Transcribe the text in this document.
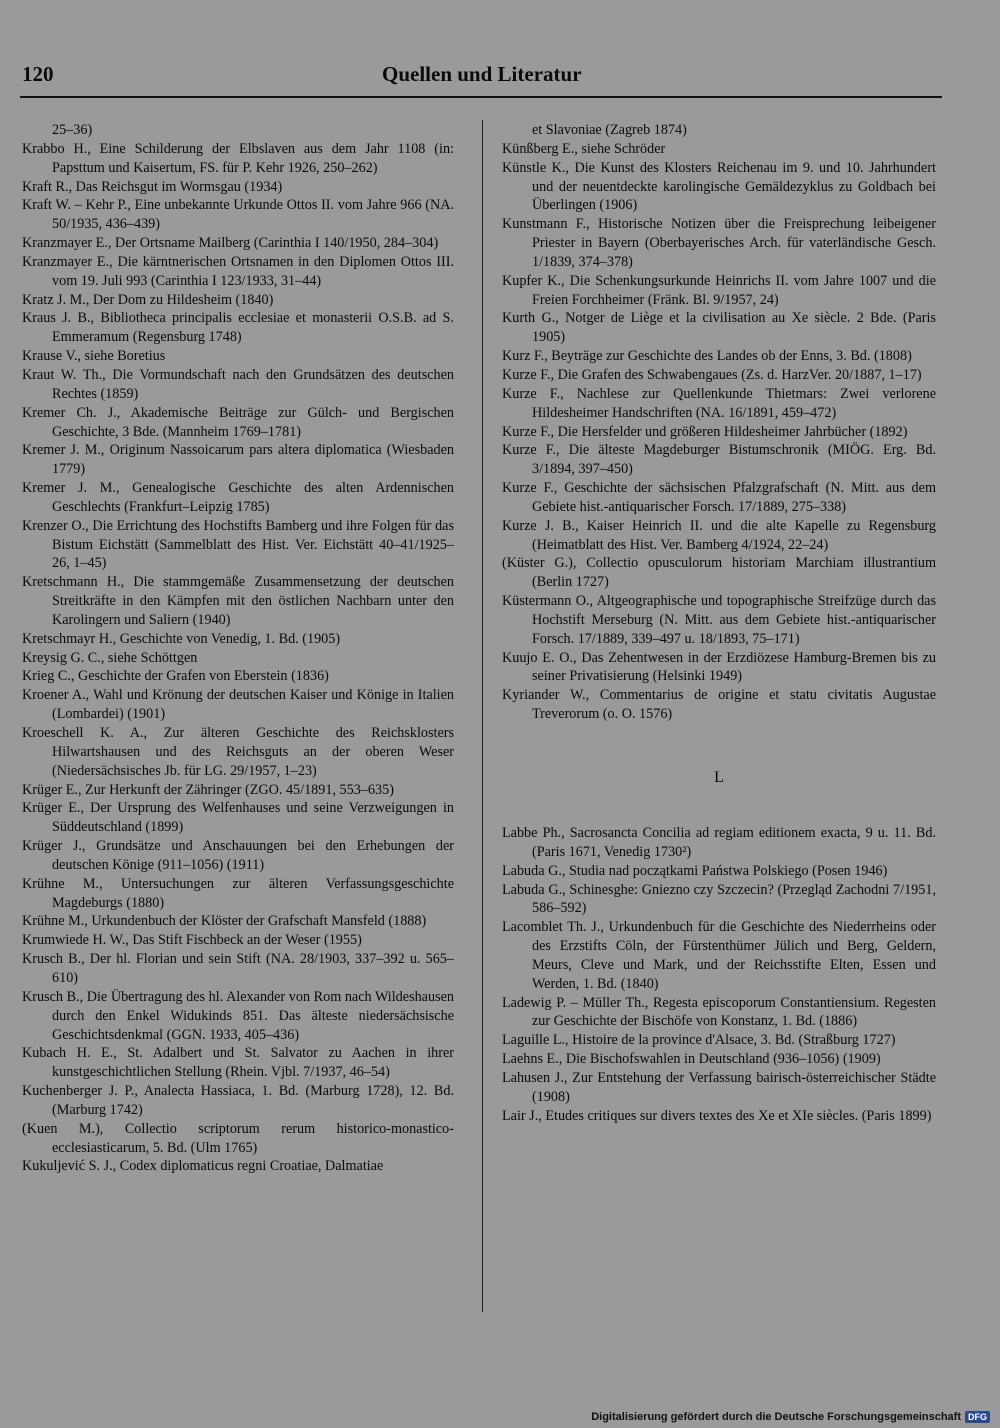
120	Quellen und Literatur
25–36)
Krabbo H., Eine Schilderung der Elbslaven aus dem Jahr 1108 (in: Papsttum und Kaisertum, FS. für P. Kehr 1926, 250–262)
Kraft R., Das Reichsgut im Wormsgau (1934)
Kraft W. – Kehr P., Eine unbekannte Urkunde Ottos II. vom Jahre 966 (NA. 50/1935, 436–439)
Kranzmayer E., Der Ortsname Mailberg (Carinthia I 140/1950, 284–304)
Kranzmayer E., Die kärntnerischen Ortsnamen in den Diplomen Ottos III. vom 19. Juli 993 (Carinthia I 123/1933, 31–44)
Kratz J. M., Der Dom zu Hildesheim (1840)
Kraus J. B., Bibliotheca principalis ecclesiae et monasterii O.S.B. ad S. Emmeramum (Regensburg 1748)
Krause V., siehe Boretius
Kraut W. Th., Die Vormundschaft nach den Grundsätzen des deutschen Rechtes (1859)
Kremer Ch. J., Akademische Beiträge zur Gülch- und Bergischen Geschichte, 3 Bde. (Mannheim 1769–1781)
Kremer J. M., Originum Nassoicarum pars altera diplomatica (Wiesbaden 1779)
Kremer J. M., Genealogische Geschichte des alten Ardennischen Geschlechts (Frankfurt–Leipzig 1785)
Krenzer O., Die Errichtung des Hochstifts Bamberg und ihre Folgen für das Bistum Eichstätt (Sammelblatt des Hist. Ver. Eichstätt 40–41/1925–26, 1–45)
Kretschmann H., Die stammgemäße Zusammensetzung der deutschen Streitkräfte in den Kämpfen mit den östlichen Nachbarn unter den Karolingern und Saliern (1940)
Kretschmayr H., Geschichte von Venedig, 1. Bd. (1905)
Kreysig G. C., siehe Schöttgen
Krieg C., Geschichte der Grafen von Eberstein (1836)
Kroener A., Wahl und Krönung der deutschen Kaiser und Könige in Italien (Lombardei) (1901)
Kroeschell K. A., Zur älteren Geschichte des Reichsklosters Hilwartshausen und des Reichsguts an der oberen Weser (Niedersächsisches Jb. für LG. 29/1957, 1–23)
Krüger E., Zur Herkunft der Zähringer (ZGO. 45/1891, 553–635)
Krüger E., Der Ursprung des Welfenhauses und seine Verzweigungen in Süddeutschland (1899)
Krüger J., Grundsätze und Anschauungen bei den Erhebungen der deutschen Könige (911–1056) (1911)
Krühne M., Untersuchungen zur älteren Verfassungsgeschichte Magdeburgs (1880)
Krühne M., Urkundenbuch der Klöster der Grafschaft Mansfeld (1888)
Krumwiede H. W., Das Stift Fischbeck an der Weser (1955)
Krusch B., Der hl. Florian und sein Stift (NA. 28/1903, 337–392 u. 565–610)
Krusch B., Die Übertragung des hl. Alexander von Rom nach Wildeshausen durch den Enkel Widukinds 851. Das älteste niedersächsische Geschichtsdenkmal (GGN. 1933, 405–436)
Kubach H. E., St. Adalbert und St. Salvator zu Aachen in ihrer kunstgeschichtlichen Stellung (Rhein. Vjbl. 7/1937, 46–54)
Kuchenberger J. P., Analecta Hassiaca, 1. Bd. (Marburg 1728), 12. Bd. (Marburg 1742)
(Kuen M.), Collectio scriptorum rerum historico-monastico-ecclesiasticarum, 5. Bd. (Ulm 1765)
Kukuljević S. J., Codex diplomaticus regni Croatiae, Dalmatiae
et Slavoniae (Zagreb 1874)
Künßberg E., siehe Schröder
Künstle K., Die Kunst des Klosters Reichenau im 9. und 10. Jahrhundert und der neuentdeckte karolingische Gemäldezyklus zu Goldbach bei Überlingen (1906)
Kunstmann F., Historische Notizen über die Freisprechung leibeigener Priester in Bayern (Oberbayerisches Arch. für vaterländische Gesch. 1/1839, 374–378)
Kupfer K., Die Schenkungsurkunde Heinrichs II. vom Jahre 1007 und die Freien Forchheimer (Fränk. Bl. 9/1957, 24)
Kurth G., Notger de Liège et la civilisation au Xe siècle. 2 Bde. (Paris 1905)
Kurz F., Beyträge zur Geschichte des Landes ob der Enns, 3. Bd. (1808)
Kurze F., Die Grafen des Schwabengaues (Zs. d. HarzVer. 20/1887, 1–17)
Kurze F., Nachlese zur Quellenkunde Thietmars: Zwei verlorene Hildesheimer Handschriften (NA. 16/1891, 459–472)
Kurze F., Die Hersfelder und größeren Hildesheimer Jahrbücher (1892)
Kurze F., Die älteste Magdeburger Bistumschronik (MIÖG. Erg. Bd. 3/1894, 397–450)
Kurze F., Geschichte der sächsischen Pfalzgrafschaft (N. Mitt. aus dem Gebiete hist.-antiquarischer Forsch. 17/1889, 275–338)
Kurze J. B., Kaiser Heinrich II. und die alte Kapelle zu Regensburg (Heimatblatt des Hist. Ver. Bamberg 4/1924, 22–24)
(Küster G.), Collectio opusculorum historiam Marchiam illustrantium (Berlin 1727)
Küstermann O., Altgeographische und topographische Streifzüge durch das Hochstift Merseburg (N. Mitt. aus dem Gebiete hist.-antiquarischer Forsch. 17/1889, 339–497 u. 18/1893, 75–171)
Kuujo E. O., Das Zehentwesen in der Erzdiözese Hamburg-Bremen bis zu seiner Privatisierung (Helsinki 1949)
Kyriander W., Commentarius de origine et statu civitatis Augustae Treverorum (o. O. 1576)
L
Labbe Ph., Sacrosancta Concilia ad regiam editionem exacta, 9 u. 11. Bd. (Paris 1671, Venedig 1730²)
Labuda G., Studia nad początkami Państwa Polskiego (Posen 1946)
Labuda G., Schinesghe: Gniezno czy Szczecin? (Przegląd Zachodni 7/1951, 586–592)
Lacomblet Th. J., Urkundenbuch für die Geschichte des Niederrheins oder des Erzstifts Cöln, der Fürstenthümer Jülich und Berg, Geldern, Meurs, Cleve und Mark, und der Reichsstifte Elten, Essen und Werden, 1. Bd. (1840)
Ladewig P. – Müller Th., Regesta episcoporum Constantiensium. Regesten zur Geschichte der Bischöfe von Konstanz, 1. Bd. (1886)
Laguille L., Histoire de la province d'Alsace, 3. Bd. (Straßburg 1727)
Laehns E., Die Bischofswahlen in Deutschland (936–1056) (1909)
Lahusen J., Zur Entstehung der Verfassung bairisch-österreichischer Städte (1908)
Lair J., Etudes critiques sur divers textes des Xe et XIe siècles. (Paris 1899)
Digitalisierung gefördert durch die Deutsche Forschungsgemeinschaft DFG
